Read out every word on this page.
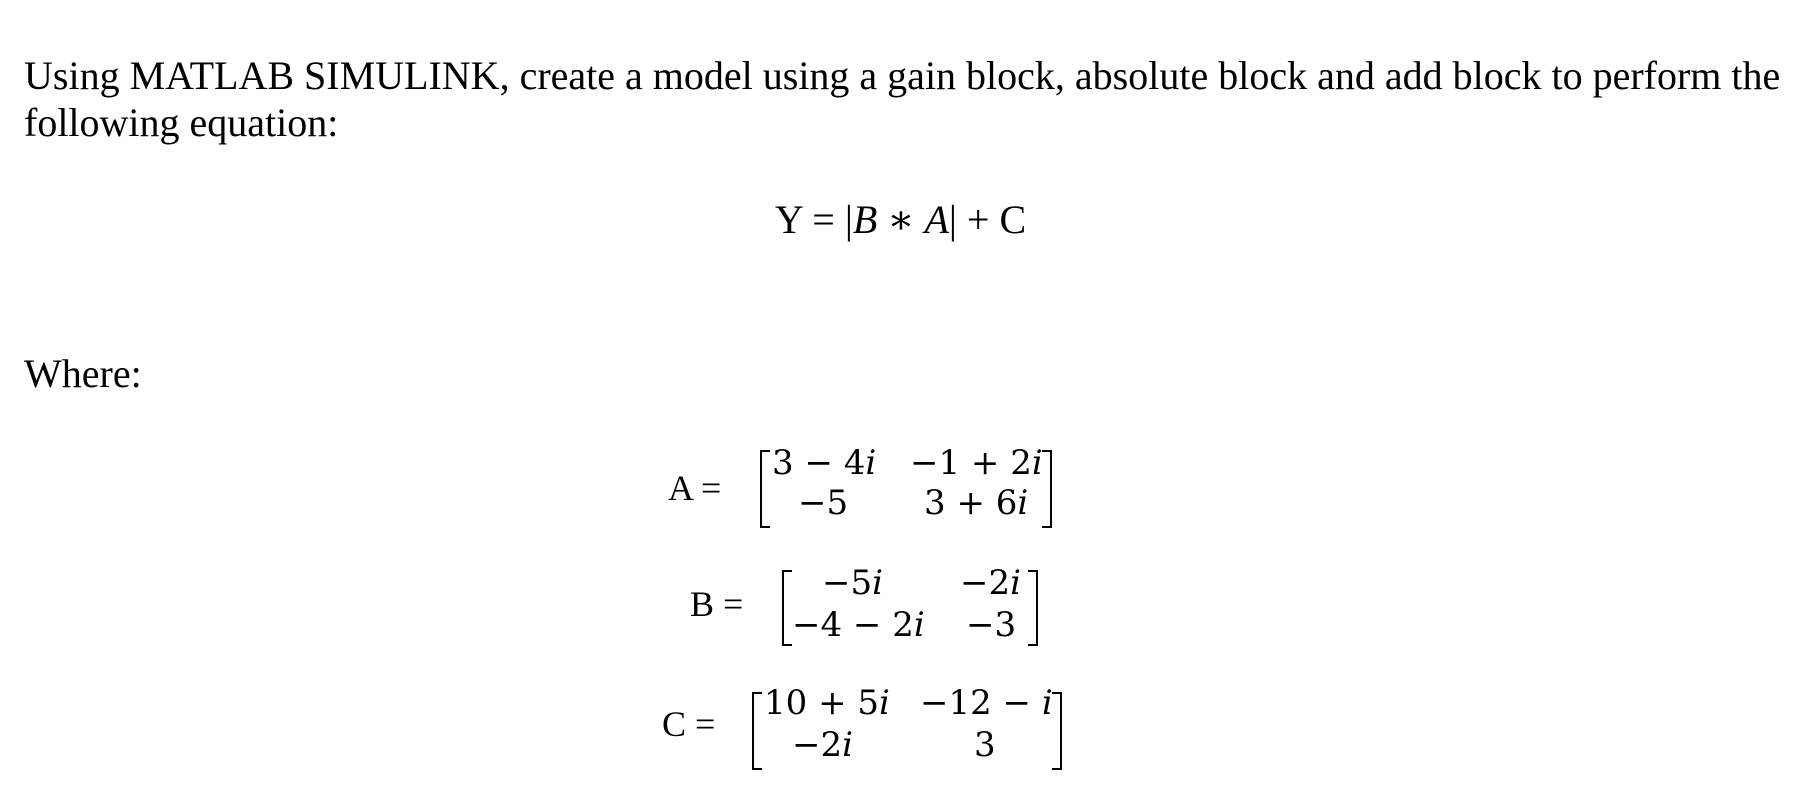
Using MATLAB SIMULINK, create a model using a gain block, absolute block and add block to perform the following equation:

Y = |B ∗ A| + C
Where:
A =
3 − 4𝑖 −1 + 2𝑖
−5 3 + 6𝑖
B =
−5𝑖 −2𝑖
−4 − 2𝑖 −3
C =
10 + 5𝑖 −12 − 𝑖
−2𝑖	3
